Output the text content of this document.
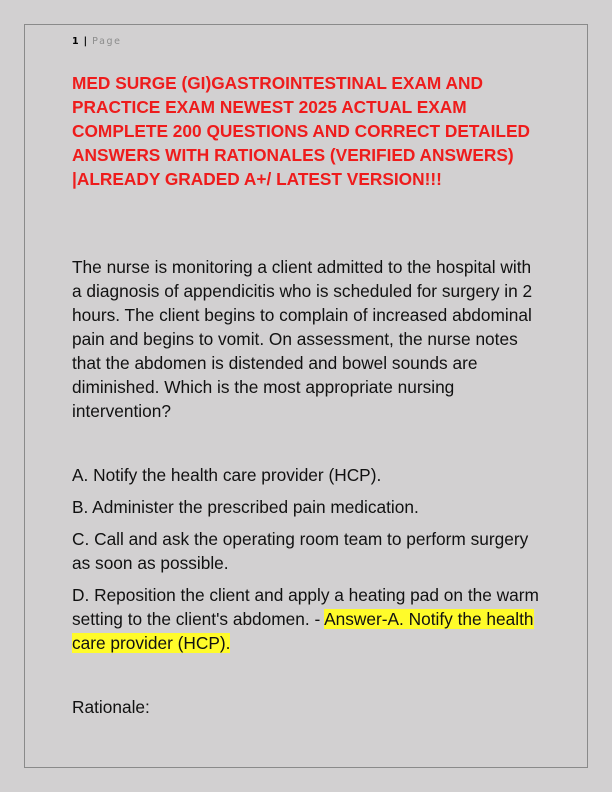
1 | Page
MED SURGE (GI)GASTROINTESTINAL EXAM AND PRACTICE EXAM NEWEST 2025 ACTUAL EXAM COMPLETE 200 QUESTIONS AND CORRECT DETAILED ANSWERS WITH RATIONALES (VERIFIED ANSWERS) |ALREADY GRADED A+/ LATEST VERSION!!!

The nurse is monitoring a client admitted to the hospital with a diagnosis of appendicitis who is scheduled for surgery in 2 hours. The client begins to complain of increased abdominal pain and begins to vomit. On assessment, the nurse notes that the abdomen is distended and bowel sounds are diminished. Which is the most appropriate nursing intervention?

A. Notify the health care provider (HCP).

B. Administer the prescribed pain medication.

C. Call and ask the operating room team to perform surgery as soon as possible.

D. Reposition the client and apply a heating pad on the warm setting to the client's abdomen. - Answer-A. Notify the health care provider (HCP).

Rationale:
